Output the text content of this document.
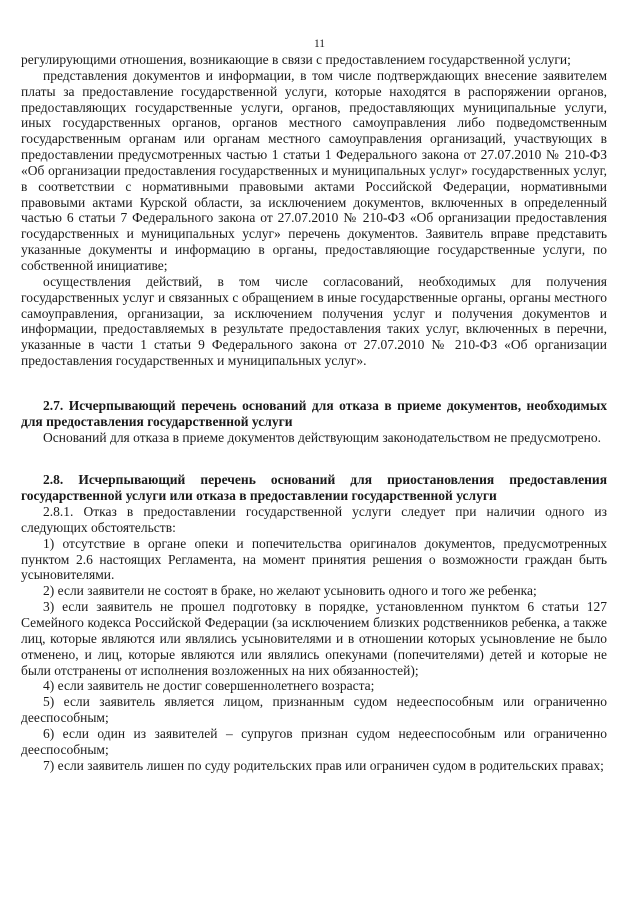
11

регулирующими отношения, возникающие в связи с предоставлением государственной услуги;

представления документов и информации, в том числе подтверждающих внесение заявителем платы за предоставление государственной услуги, которые находятся в распоряжении органов, предоставляющих государственные услуги, органов, предоставляющих муниципальные услуги, иных государственных органов, органов местного самоуправления либо подведомственным государственным органам или органам местного самоуправления организаций, участвующих в предоставлении предусмотренных частью 1 статьи 1 Федерального закона от 27.07.2010 № 210-ФЗ «Об организации предоставления государственных и муниципальных услуг» государственных услуг, в соответствии с нормативными правовыми актами Российской Федерации, нормативными правовыми актами Курской области, за исключением документов, включенных в определенный частью 6 статьи 7 Федерального закона от 27.07.2010 № 210-ФЗ «Об организации предоставления государственных и муниципальных услуг» перечень документов. Заявитель вправе представить указанные документы и информацию в органы, предоставляющие государственные услуги, по собственной инициативе;

осуществления действий, в том числе согласований, необходимых для получения государственных услуг и связанных с обращением в иные государственные органы, органы местного самоуправления, организации, за исключением получения услуг и получения документов и информации, предоставляемых в результате предоставления таких услуг, включенных в перечни, указанные в части 1 статьи 9 Федерального закона от 27.07.2010 № 210-ФЗ «Об организации предоставления государственных и муниципальных услуг».

2.7. Исчерпывающий перечень оснований для отказа в приеме документов, необходимых для предоставления государственной услуги

Оснований для отказа в приеме документов действующим законодательством не предусмотрено.

2.8. Исчерпывающий перечень оснований для приостановления предоставления государственной услуги или отказа в предоставлении государственной услуги

2.8.1. Отказ в предоставлении государственной услуги следует при наличии одного из следующих обстоятельств:

1) отсутствие в органе опеки и попечительства оригиналов документов, предусмотренных пунктом 2.6 настоящих Регламента, на момент принятия решения о возможности граждан быть усыновителями.

2) если заявители не состоят в браке, но желают усыновить одного и того же ребенка;

3) если заявитель не прошел подготовку в порядке, установленном пунктом 6 статьи 127 Семейного кодекса Российской Федерации (за исключением близких родственников ребенка, а также лиц, которые являются или являлись усыновителями и в отношении которых усыновление не было отменено, и лиц, которые являются или являлись опекунами (попечителями) детей и которые не были отстранены от исполнения возложенных на них обязанностей);

4) если заявитель не достиг совершеннолетнего возраста;

5) если заявитель является лицом, признанным судом недееспособным или ограниченно дееспособным;

6) если один из заявителей – супругов признан судом недееспособным или ограниченно дееспособным;

7) если заявитель лишен по суду родительских прав или ограничен судом в родительских правах;
